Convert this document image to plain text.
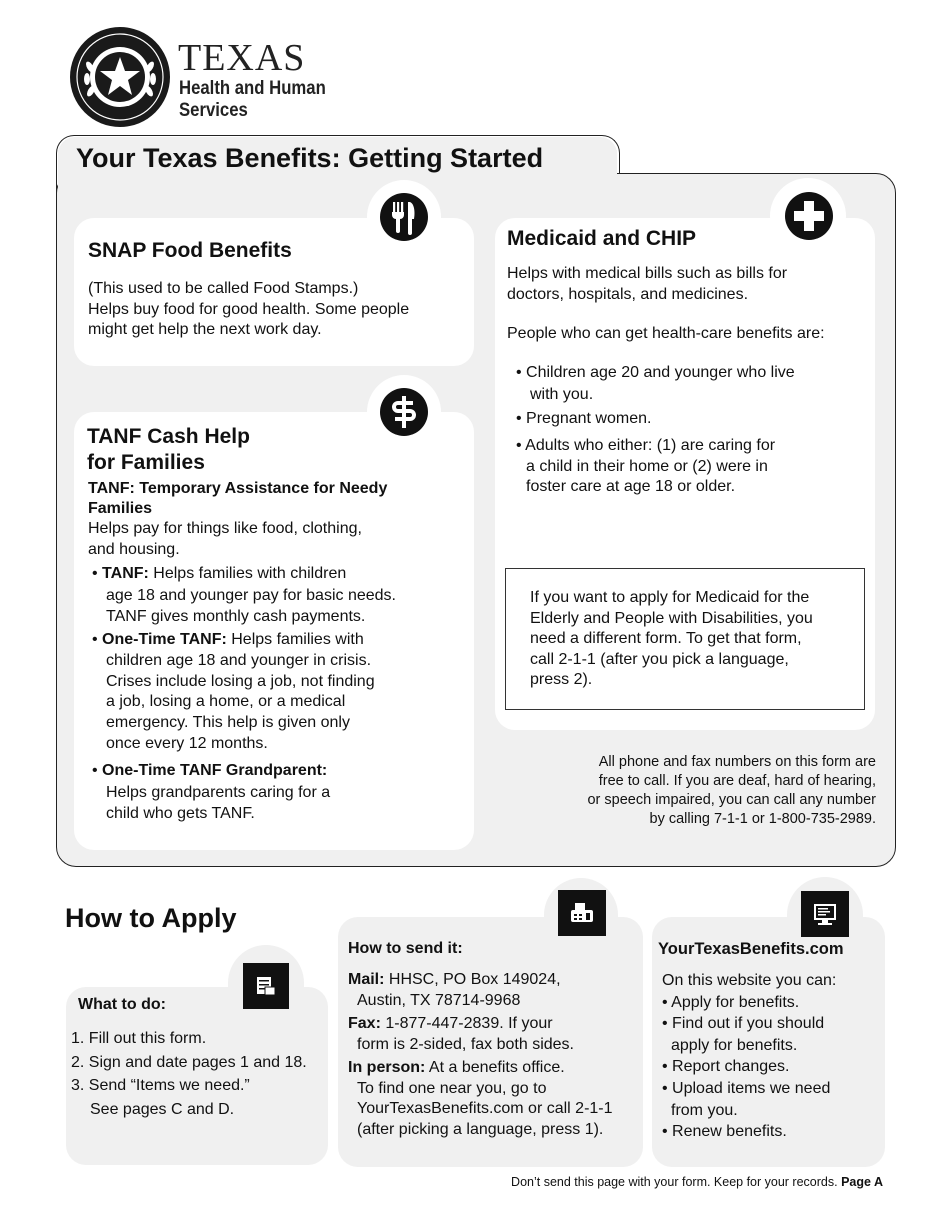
TEXAS
Health and Human
Services
Your Texas Benefits: Getting Started
SNAP Food Benefits
(This used to be called Food Stamps.)
Helps buy food for good health. Some people
might get help the next work day.
TANF Cash Help
for Families
TANF: Temporary Assistance for Needy
Families
Helps pay for things like food, clothing,
and housing.
• TANF: Helps families with children
age 18 and younger pay for basic needs.
TANF gives monthly cash payments.
• One-Time TANF: Helps families with
children age 18 and younger in crisis.
Crises include losing a job, not finding
a job, losing a home, or a medical
emergency. This help is given only
once every 12 months.
• One-Time TANF Grandparent:
Helps grandparents caring for a
child who gets TANF.
Medicaid and CHIP
Helps with medical bills such as bills for
doctors, hospitals, and medicines.
People who can get health-care benefits are:
• Children age 20 and younger who live
with you.
• Pregnant women.
• Adults who either: (1) are caring for
a child in their home or (2) were in
foster care at age 18 or older.
If you want to apply for Medicaid for the
Elderly and People with Disabilities, you
need a different form. To get that form,
call 2-1-1 (after you pick a language,
press 2).
All phone and fax numbers on this form are
free to call. If you are deaf, hard of hearing,
or speech impaired, you can call any number
by calling 7-1-1 or 1-800-735-2989.
How to Apply
What to do:
1. Fill out this form.
2. Sign and date pages 1 and 18.
3. Send “Items we need.”
See pages C and D.
How to send it:
Mail: HHSC, PO Box 149024,
Austin, TX 78714-9968
Fax: 1-877-447-2839. If your
form is 2-sided, fax both sides.
In person: At a benefits office.
To find one near you, go to
YourTexasBenefits.com or call 2-1-1
(after picking a language, press 1).
YourTexasBenefits.com
On this website you can:
• Apply for benefits.
• Find out if you should
apply for benefits.
• Report changes.
• Upload items we need
from you.
• Renew benefits.
Don’t send this page with your form. Keep for your records. Page A
